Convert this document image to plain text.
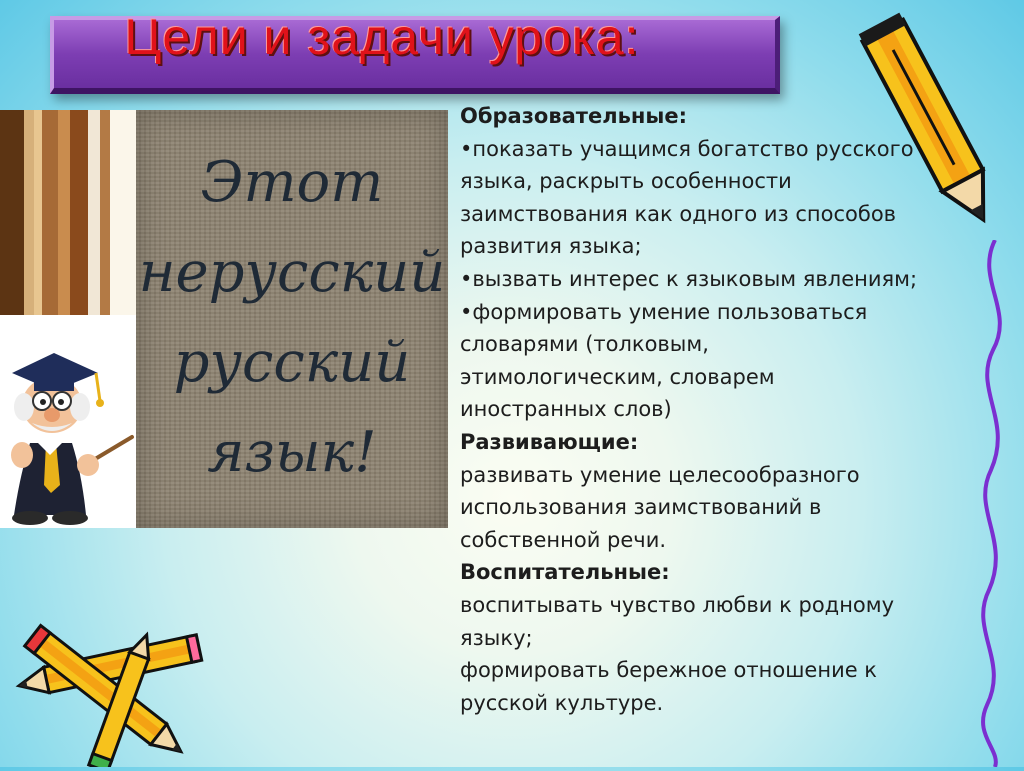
Цели и задачи урока:
Этот
нерусский
русский
язык!

Образовательные:

•показать учащимся богатство русского

языка, раскрыть особенности

заимствования как одного из способов

развития языка;

•вызвать интерес к языковым явлениям;

•формировать умение пользоваться

словарями (толковым,

этимологическим, словарем

иностранных слов)

Развивающие:

развивать умение целесообразного

использования заимствований в

собственной речи.

Воспитательные:

воспитывать чувство любви к родному

языку;

формировать бережное отношение к

русской культуре.
